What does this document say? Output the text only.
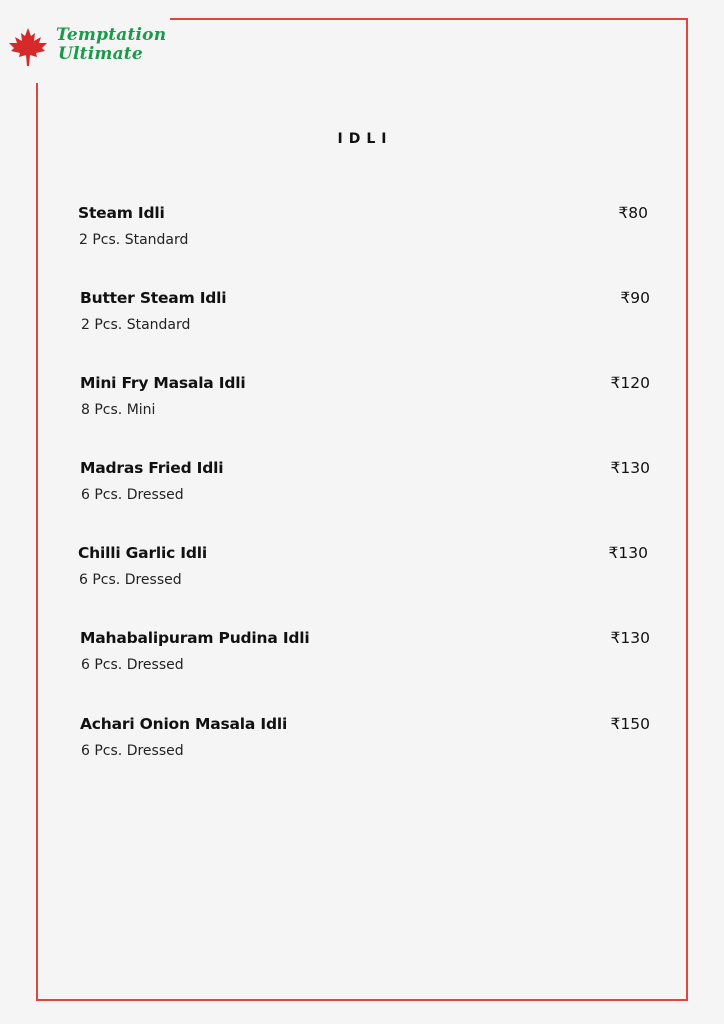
Temptation
Ultimate
IDLI
Steam Idli
2 Pcs. Standard
₹80
Butter Steam Idli
2 Pcs. Standard
₹90
Mini Fry Masala Idli
8 Pcs. Mini
₹120
Madras Fried Idli
6 Pcs. Dressed
₹130
Chilli Garlic Idli
6 Pcs. Dressed
₹130
Mahabalipuram Pudina Idli
6 Pcs. Dressed
₹130
Achari Onion Masala Idli
6 Pcs. Dressed
₹150
